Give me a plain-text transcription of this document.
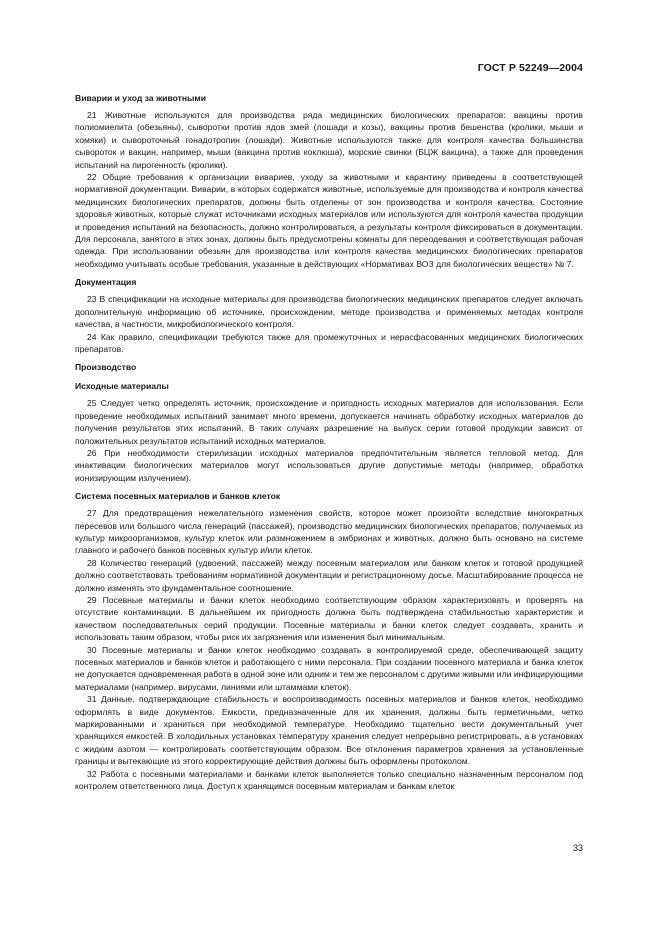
ГОСТ Р 52249—2004
Виварии и уход за животными

21 Животные используются для производства ряда медицинских биологических препаратов: вакцины против полиомиелита (обезьяны), сыворотки против ядов змей (лошади и козы), вакцины против бешенства (кролики, мыши и хомяки) и сывороточный гонадотропин (лошади). Животные используются также для контроля качества большинства сывороток и вакцин, например, мыши (вакцина против коклюша), морские свинки (БЦЖ вакцина), а также для проведения испытаний на пирогенность (кролики).

22 Общие требования к организации вивариев, уходу за животными и карантину приведены в соответствующей нормативной документации. Виварии, в которых содержатся животные, используемые для производства и контроля качества медицинских биологических препаратов, должны быть отделены от зон производства и контроля качества. Состояние здоровья животных, которые служат источниками исходных материалов или используются для контроля качества продукции и проведения испытаний на безопасность, должно контролироваться, а результаты контроля фиксироваться в документации. Для персонала, занятого в этих зонах, должны быть предусмотрены комнаты для переодевания и соответствующая рабочая одежда. При использовании обезьян для производства или контроля качества медицинских биологических препаратов необходимо учитывать особые требования, указанные в действующих «Нормативах ВОЗ для биологических веществ» № 7.

Документация

23 В спецификации на исходные материалы для производства биологических медицинских препаратов следует включать дополнительную информацию об источнике, происхождении, методе производства и применяемых методах контроля качества, в частности, микробиологического контроля.

24 Как правило, спецификации требуются также для промежуточных и нерасфасованных медицинских биологических препаратов.

Производство
Исходные материалы

25 Следует четко определять источник, происхождение и пригодность исходных материалов для использования. Если проведение необходимых испытаний занимает много времени, допускается начинать обработку исходных материалов до получения результатов этих испытаний. В таких случаях разрешение на выпуск серии готовой продукции зависит от положительных результатов испытаний исходных материалов.

26 При необходимости стерилизации исходных материалов предпочтительным является тепловой метод. Для инактивации биологических материалов могут использоваться другие допустимые методы (например, обработка ионизирующим излучением).

Система посевных материалов и банков клеток

27 Для предотвращения нежелательного изменения свойств, которое может произойти вследствие многократных пересевов или большого числа генераций (пассажей), производство медицинских биологических препаратов, получаемых из культур микроорганизмов, культур клеток или размножением в эмбрионах и животных, должно быть основано на системе главного и рабочего банков посевных культур и/или клеток.

28 Количество генераций (удвоений, пассажей) между посевным материалом или банком клеток и готовой продукцией должно соответствовать требованиям нормативной документации и регистрационному досье. Масштабирование процесса не должно изменять это фундаментальное соотношение.

29 Посевные материалы и банки клеток необходимо соответствующим образом характеризовать и проверять на отсутствие контаминации. В дальнейшем их пригодность должна быть подтверждена стабильностью характеристик и качеством последовательных серий продукции. Посевные материалы и банки клеток следует создавать, хранить и использовать таким образом, чтобы риск их загрязнения или изменения был минимальным.

30 Посевные материалы и банки клеток необходимо создавать в контролируемой среде, обеспечивающей защиту посевных материалов и банков клеток и работающего с ними персонала. При создании посевного материала и банка клеток не допускается одновременная работа в одной зоне или одним и тем же персоналом с другими живыми или инфицирующими материалами (например, вирусами, линиями или штаммами клеток).

31 Данные, подтверждающие стабильность и воспроизводимость посевных материалов и банков клеток, необходимо оформлять в виде документов. Емкости, предназначенные для их хранения, должны быть герметичными, четко маркированными и храниться при необходимой температуре. Необходимо тщательно вести документальный учет хранящихся емкостей. В холодильных установках температуру хранения следует непрерывно регистрировать, а в установках с жидким азотом — контролировать соответствующим образом. Все отклонения параметров хранения за установленные границы и вытекающие из этого корректирующие действия должны быть оформлены протоколом.

32 Работа с посевными материалами и банками клеток выполняется только специально назначенным персоналом под контролем ответственного лица. Доступ к хранящимся посевным материалам и банкам клеток

33
